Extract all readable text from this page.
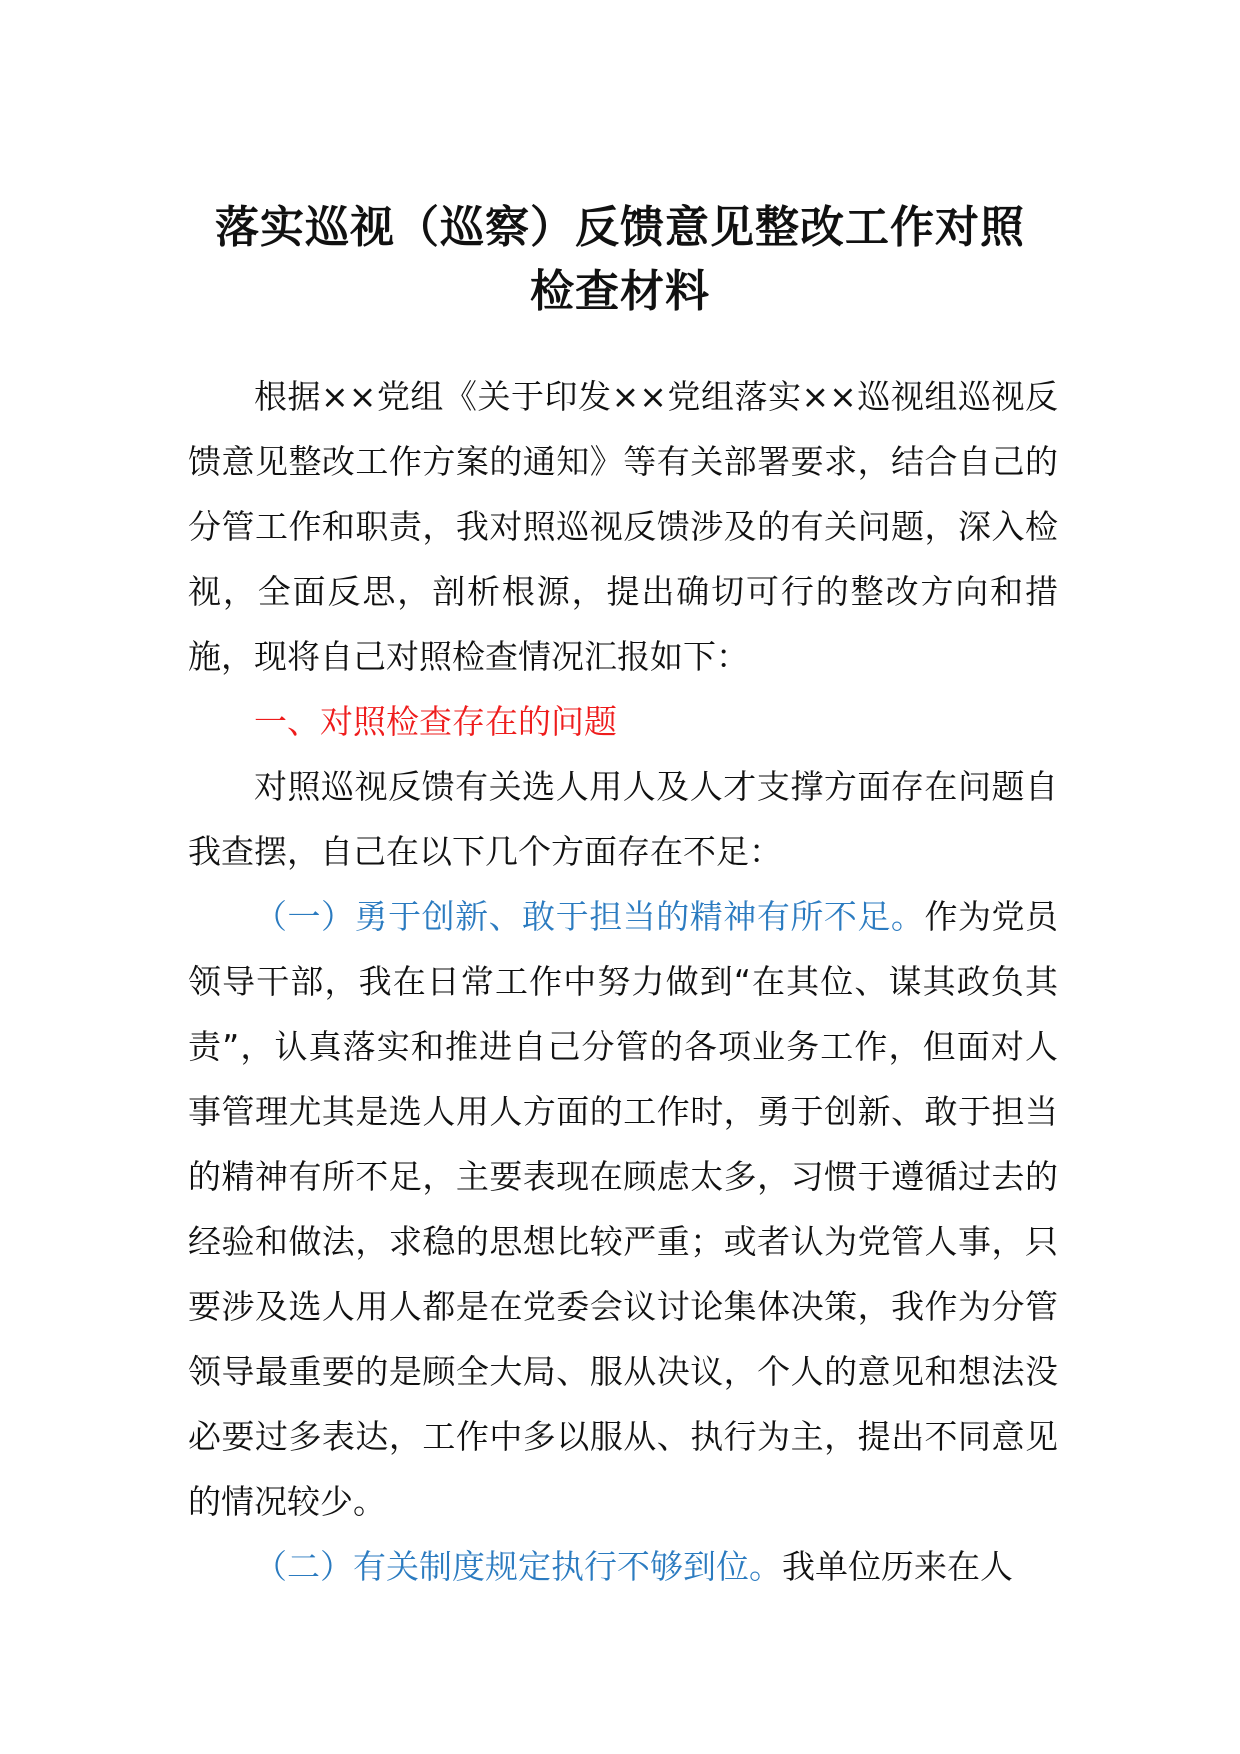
落实巡视（巡察）反馈意见整改工作对照
检查材料

根据××党组《关于印发××党组落实××巡视组巡视反馈意见整改工作方案的通知》等有关部署要求，结合自己的分管工作和职责，我对照巡视反馈涉及的有关问题，深入检视，全面反思，剖析根源，提出确切可行的整改方向和措施，现将自己对照检查情况汇报如下：

一、对照检查存在的问题

对照巡视反馈有关选人用人及人才支撑方面存在问题自我查摆，自己在以下几个方面存在不足：

（一）勇于创新、敢于担当的精神有所不足。作为党员领导干部，我在日常工作中努力做到“在其位、谋其政负其责”，认真落实和推进自己分管的各项业务工作，但面对人事管理尤其是选人用人方面的工作时，勇于创新、敢于担当的精神有所不足，主要表现在顾虑太多，习惯于遵循过去的经验和做法，求稳的思想比较严重；或者认为党管人事，只要涉及选人用人都是在党委会议讨论集体决策，我作为分管领导最重要的是顾全大局、服从决议，个人的意见和想法没必要过多表达，工作中多以服从、执行为主，提出不同意见的情况较少。

（二）有关制度规定执行不够到位。我单位历来在人
